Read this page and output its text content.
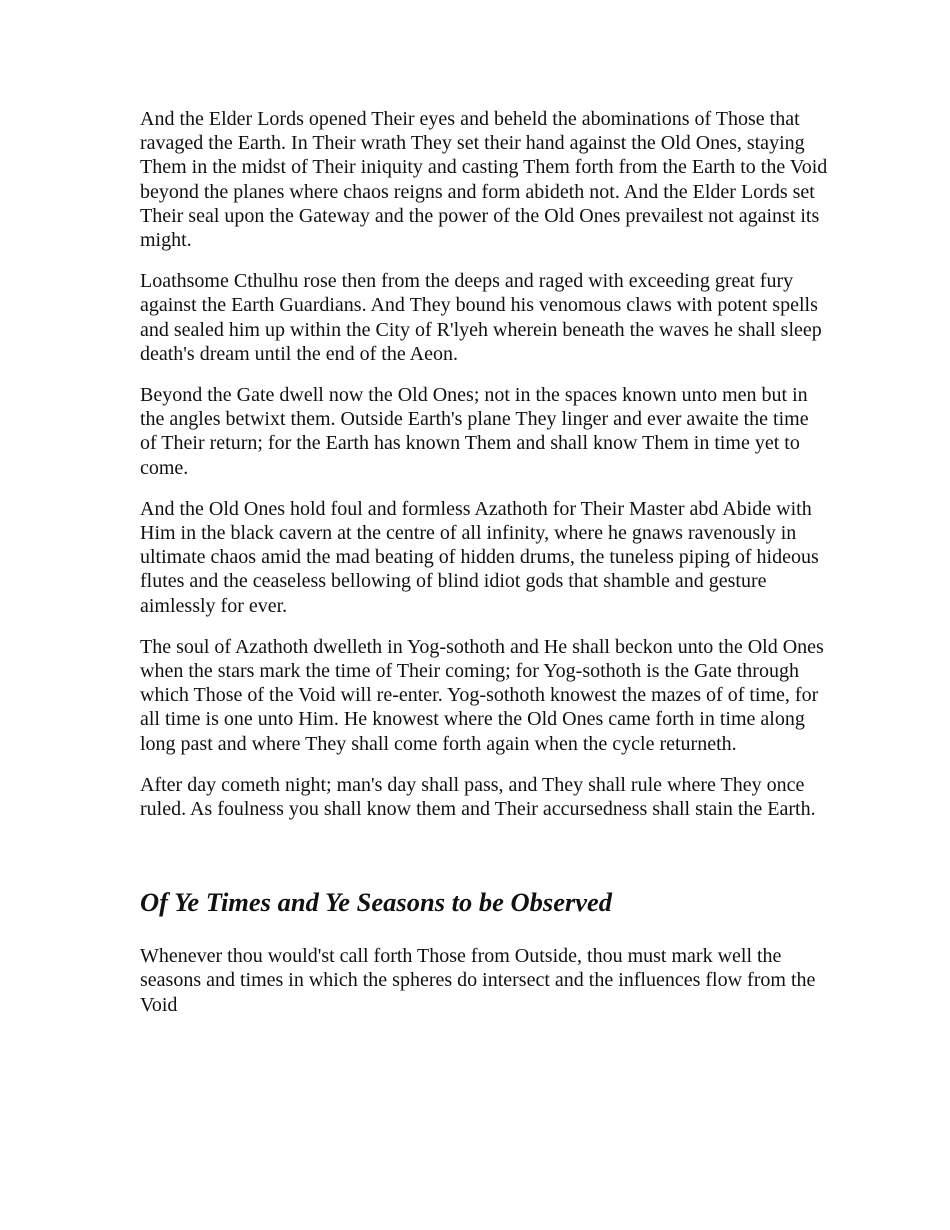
And the Elder Lords opened Their eyes and beheld the abominations of Those that ravaged the Earth. In Their wrath They set their hand against the Old Ones, staying Them in the midst of Their iniquity and casting Them forth from the Earth to the Void beyond the planes where chaos reigns and form abideth not. And the Elder Lords set Their seal upon the Gateway and the power of the Old Ones prevailest not against its might.

Loathsome Cthulhu rose then from the deeps and raged with exceeding great fury against the Earth Guardians. And They bound his venomous claws with potent spells and sealed him up within the City of R'lyeh wherein beneath the waves he shall sleep death's dream until the end of the Aeon.

Beyond the Gate dwell now the Old Ones; not in the spaces known unto men but in the angles betwixt them. Outside Earth's plane They linger and ever awaite the time of Their return; for the Earth has known Them and shall know Them in time yet to come.

And the Old Ones hold foul and formless Azathoth for Their Master abd Abide with Him in the black cavern at the centre of all infinity, where he gnaws ravenously in ultimate chaos amid the mad beating of hidden drums, the tuneless piping of hideous flutes and the ceaseless bellowing of blind idiot gods that shamble and gesture aimlessly for ever.

The soul of Azathoth dwelleth in Yog-sothoth and He shall beckon unto the Old Ones when the stars mark the time of Their coming; for Yog-sothoth is the Gate through which Those of the Void will re-enter. Yog-sothoth knowest the mazes of of time, for all time is one unto Him. He knowest where the Old Ones came forth in time along long past and where They shall come forth again when the cycle returneth.

After day cometh night; man's day shall pass, and They shall rule where They once ruled. As foulness you shall know them and Their accursedness shall stain the Earth.

Of Ye Times and Ye Seasons to be Observed

Whenever thou would'st call forth Those from Outside, thou must mark well the seasons and times in which the spheres do intersect and the influences flow from the Void
